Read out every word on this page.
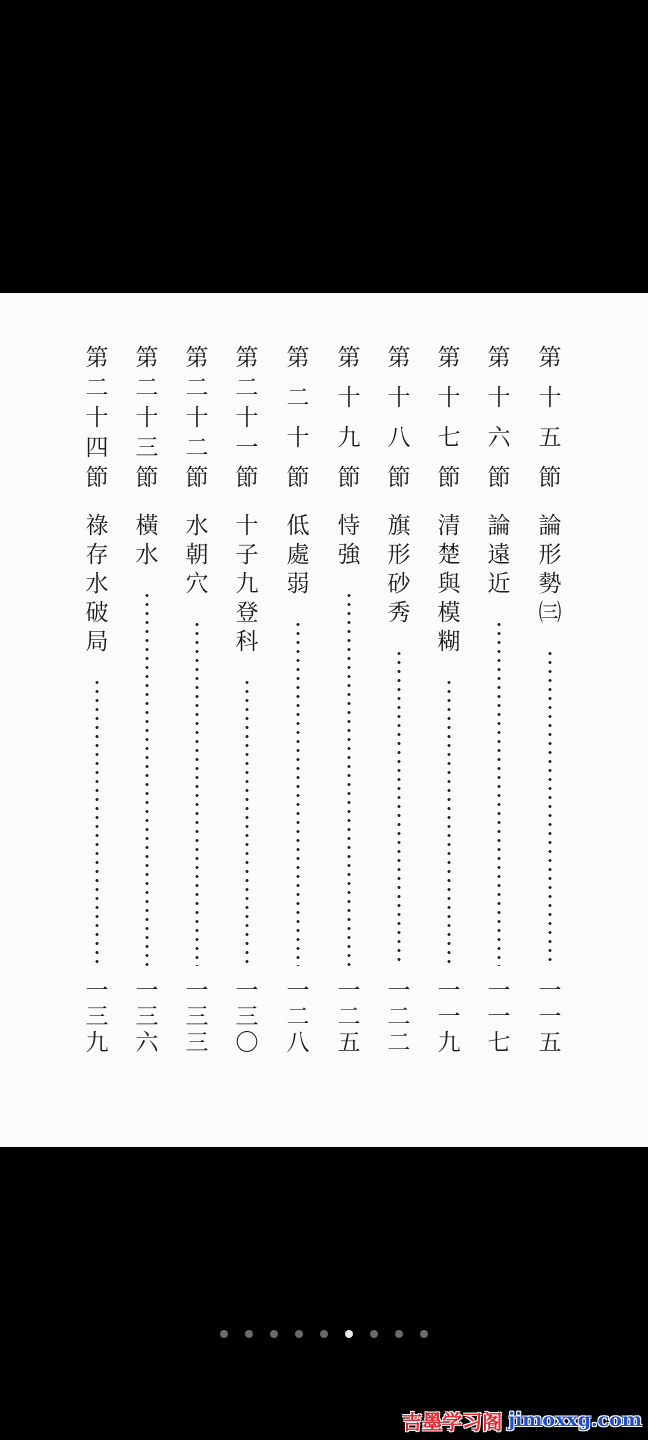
第
十
五
節
論
形
勢
㈢
一
一
五
第
十
六
節
論
遠
近
一
一
七
第
十
七
節
清
楚
與
模
糊
一
一
九
第
十
八
節
旗
形
砂
秀
一
二
二
第
十
九
節
恃
強
一
二
五
第
二
十
節
低
處
弱
一
二
八
第
二
十
一
節
十
子
九
登
科
一
三
〇
第
二
十
二
節
水
朝
穴
一
三
三
第
二
十
三
節
橫
水
一
三
六
第
二
十
四
節
祿
存
水
破
局
一
三
九
吉墨学习阁 jimoxxg.com
